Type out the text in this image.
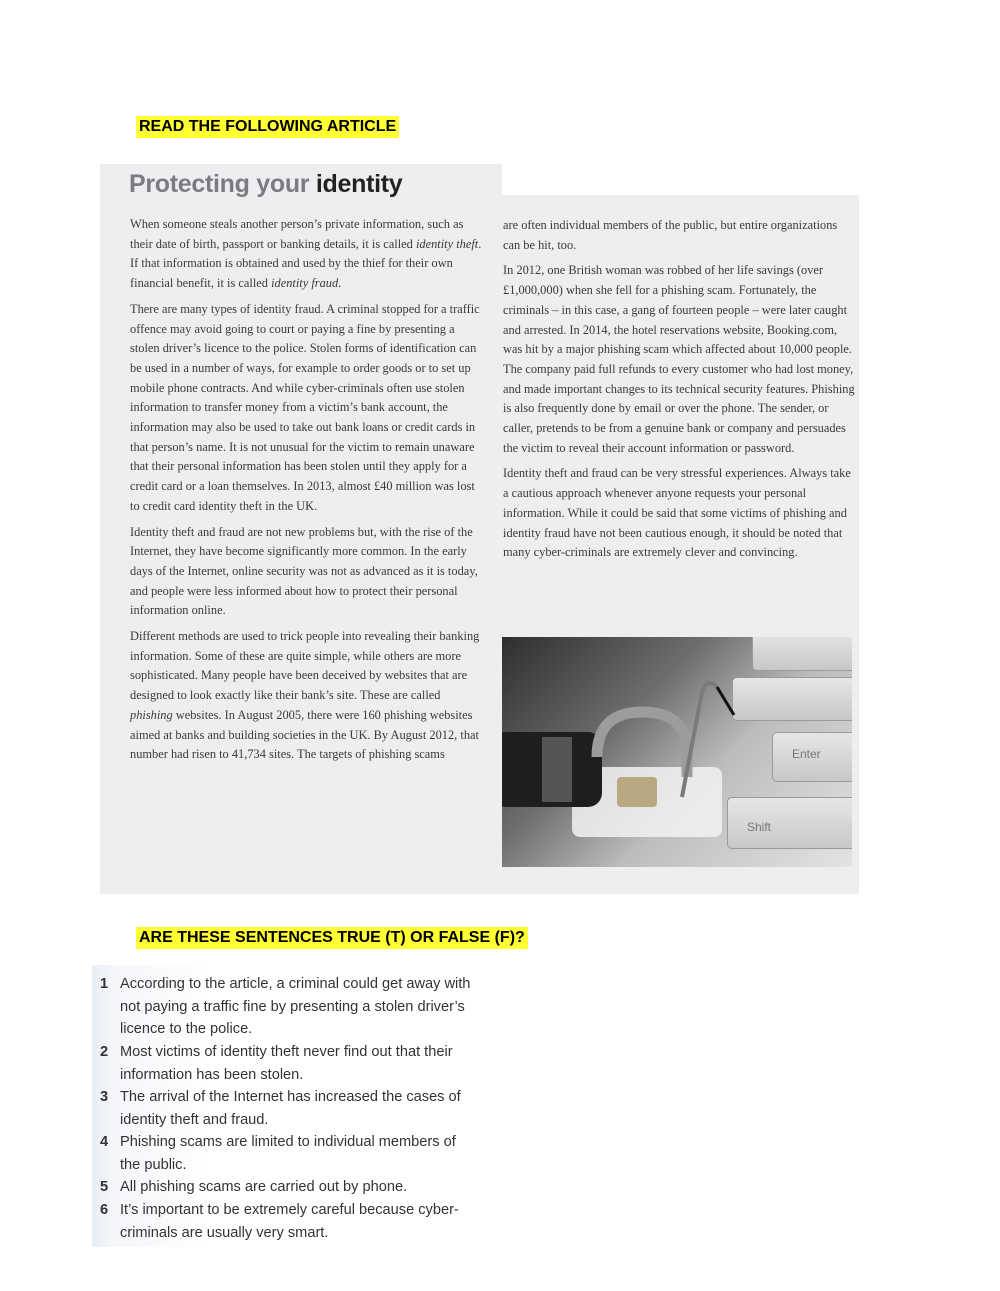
READ THE FOLLOWING ARTICLE
Protecting your identity

When someone steals another person’s private information, such as their date of birth, passport or banking details, it is called identity theft. If that information is obtained and used by the thief for their own financial benefit, it is called identity fraud.

There are many types of identity fraud. A criminal stopped for a traffic offence may avoid going to court or paying a fine by presenting a stolen driver’s licence to the police. Stolen forms of identification can be used in a number of ways, for example to order goods or to set up mobile phone contracts. And while cyber-criminals often use stolen information to transfer money from a victim’s bank account, the information may also be used to take out bank loans or credit cards in that person’s name. It is not unusual for the victim to remain unaware that their personal information has been stolen until they apply for a credit card or a loan themselves. In 2013, almost £40 million was lost to credit card identity theft in the UK.

Identity theft and fraud are not new problems but, with the rise of the Internet, they have become significantly more common. In the early days of the Internet, online security was not as advanced as it is today, and people were less informed about how to protect their personal information online.

Different methods are used to trick people into revealing their banking information. Some of these are quite simple, while others are more sophisticated. Many people have been deceived by websites that are designed to look exactly like their bank’s site. These are called phishing websites. In August 2005, there were 160 phishing websites aimed at banks and building societies in the UK. By August 2012, that number had risen to 41,734 sites. The targets of phishing scams

are often individual members of the public, but entire organizations can be hit, too.

In 2012, one British woman was robbed of her life savings (over £1,000,000) when she fell for a phishing scam. Fortunately, the criminals – in this case, a gang of fourteen people – were later caught and arrested. In 2014, the hotel reservations website, Booking.com, was hit by a major phishing scam which affected about 10,000 people. The company paid full refunds to every customer who had lost money, and made important changes to its technical security features. Phishing is also frequently done by email or over the phone. The sender, or caller, pretends to be from a genuine bank or company and persuades the victim to reveal their account information or password.

Identity theft and fraud can be very stressful experiences. Always take a cautious approach whenever anyone requests your personal information. While it could be said that some victims of phishing and identity fraud have not been cautious enough, it should be noted that many cyber-criminals are extremely clever and convincing.

Enter
Shift
ARE THESE SENTENCES TRUE (T) OR FALSE (F)?
1 According to the article, a criminal could get away with not paying a traffic fine by presenting a stolen driver’s licence to the police.
2 Most victims of identity theft never find out that their information has been stolen.
3 The arrival of the Internet has increased the cases of identity theft and fraud.
4 Phishing scams are limited to individual members of the public.
5 All phishing scams are carried out by phone.
6 It’s important to be extremely careful because cyber-criminals are usually very smart.
